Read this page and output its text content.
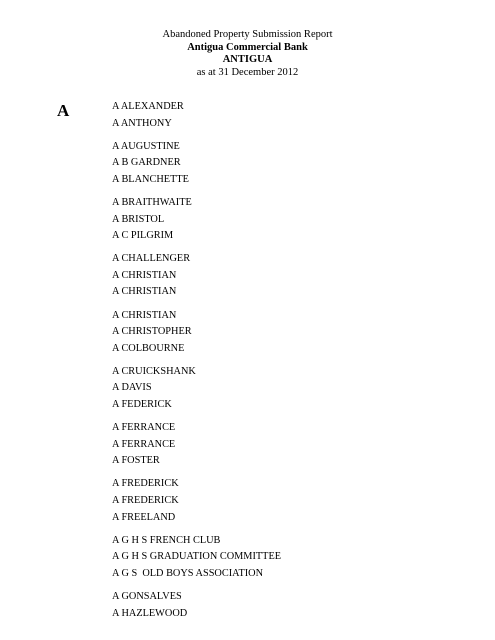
Abandoned Property Submission Report
Antigua Commercial Bank
ANTIGUA
as at 31 December 2012
A	A ALEXANDER
A ANTHONY
A AUGUSTINE
A B GARDNER
A BLANCHETTE
A BRAITHWAITE
A BRISTOL
A C PILGRIM
A CHALLENGER
A CHRISTIAN
A CHRISTIAN
A CHRISTIAN
A CHRISTOPHER
A COLBOURNE
A CRUICKSHANK
A DAVIS
A FEDERICK
A FERRANCE
A FERRANCE
A FOSTER
A FREDERICK
A FREDERICK
A FREELAND
A G H S FRENCH CLUB
A G H S GRADUATION COMMITTEE
A G S  OLD BOYS ASSOCIATION
A GONSALVES
A HAZLEWOOD
